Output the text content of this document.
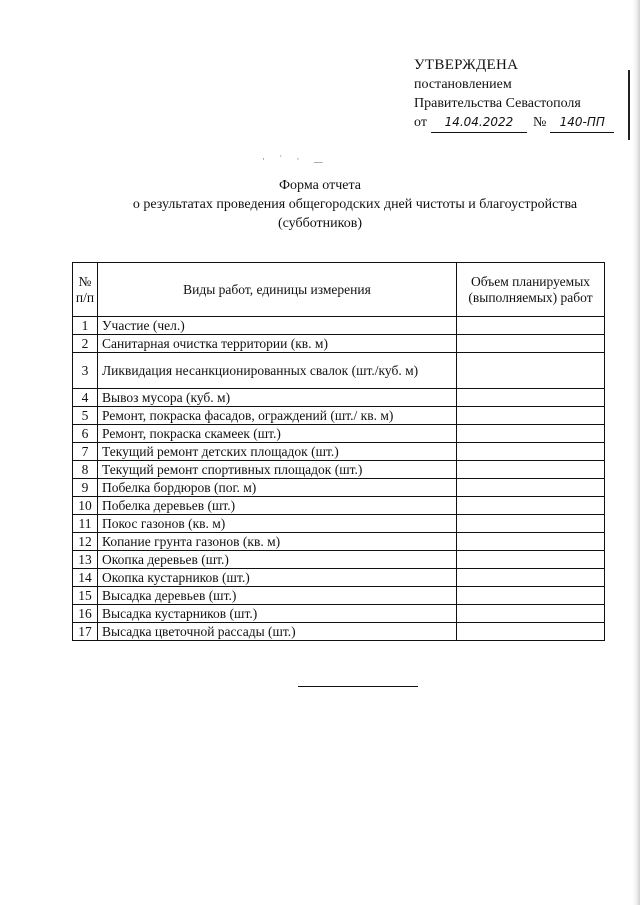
УТВЕРЖДЕНА
постановлением
Правительства Севастополя
от 14.04.2022 № 140-ПП
· ˙ · ﹏
Форма отчета
о результатах проведения общегородских дней чистоты и благоустройства
(субботников)
№ п/п	Виды работ, единицы измерения	Объем планируемых (выполняемых) работ
1	Участие (чел.)	
2	Санитарная очистка территории (кв. м)	
3	Ликвидация несанкционированных свалок (шт./куб. м)	
4	Вывоз мусора (куб. м)	
5	Ремонт, покраска фасадов, ограждений (шт./ кв. м)	
6	Ремонт, покраска скамеек (шт.)	
7	Текущий ремонт детских площадок (шт.)	
8	Текущий ремонт спортивных площадок (шт.)	
9	Побелка бордюров (пог. м)	
10	Побелка деревьев (шт.)	
11	Покос газонов (кв. м)	
12	Копание грунта газонов (кв. м)	
13	Окопка деревьев (шт.)	
14	Окопка кустарников (шт.)	
15	Высадка деревьев (шт.)	
16	Высадка кустарников (шт.)	
17	Высадка цветочной рассады (шт.)	
